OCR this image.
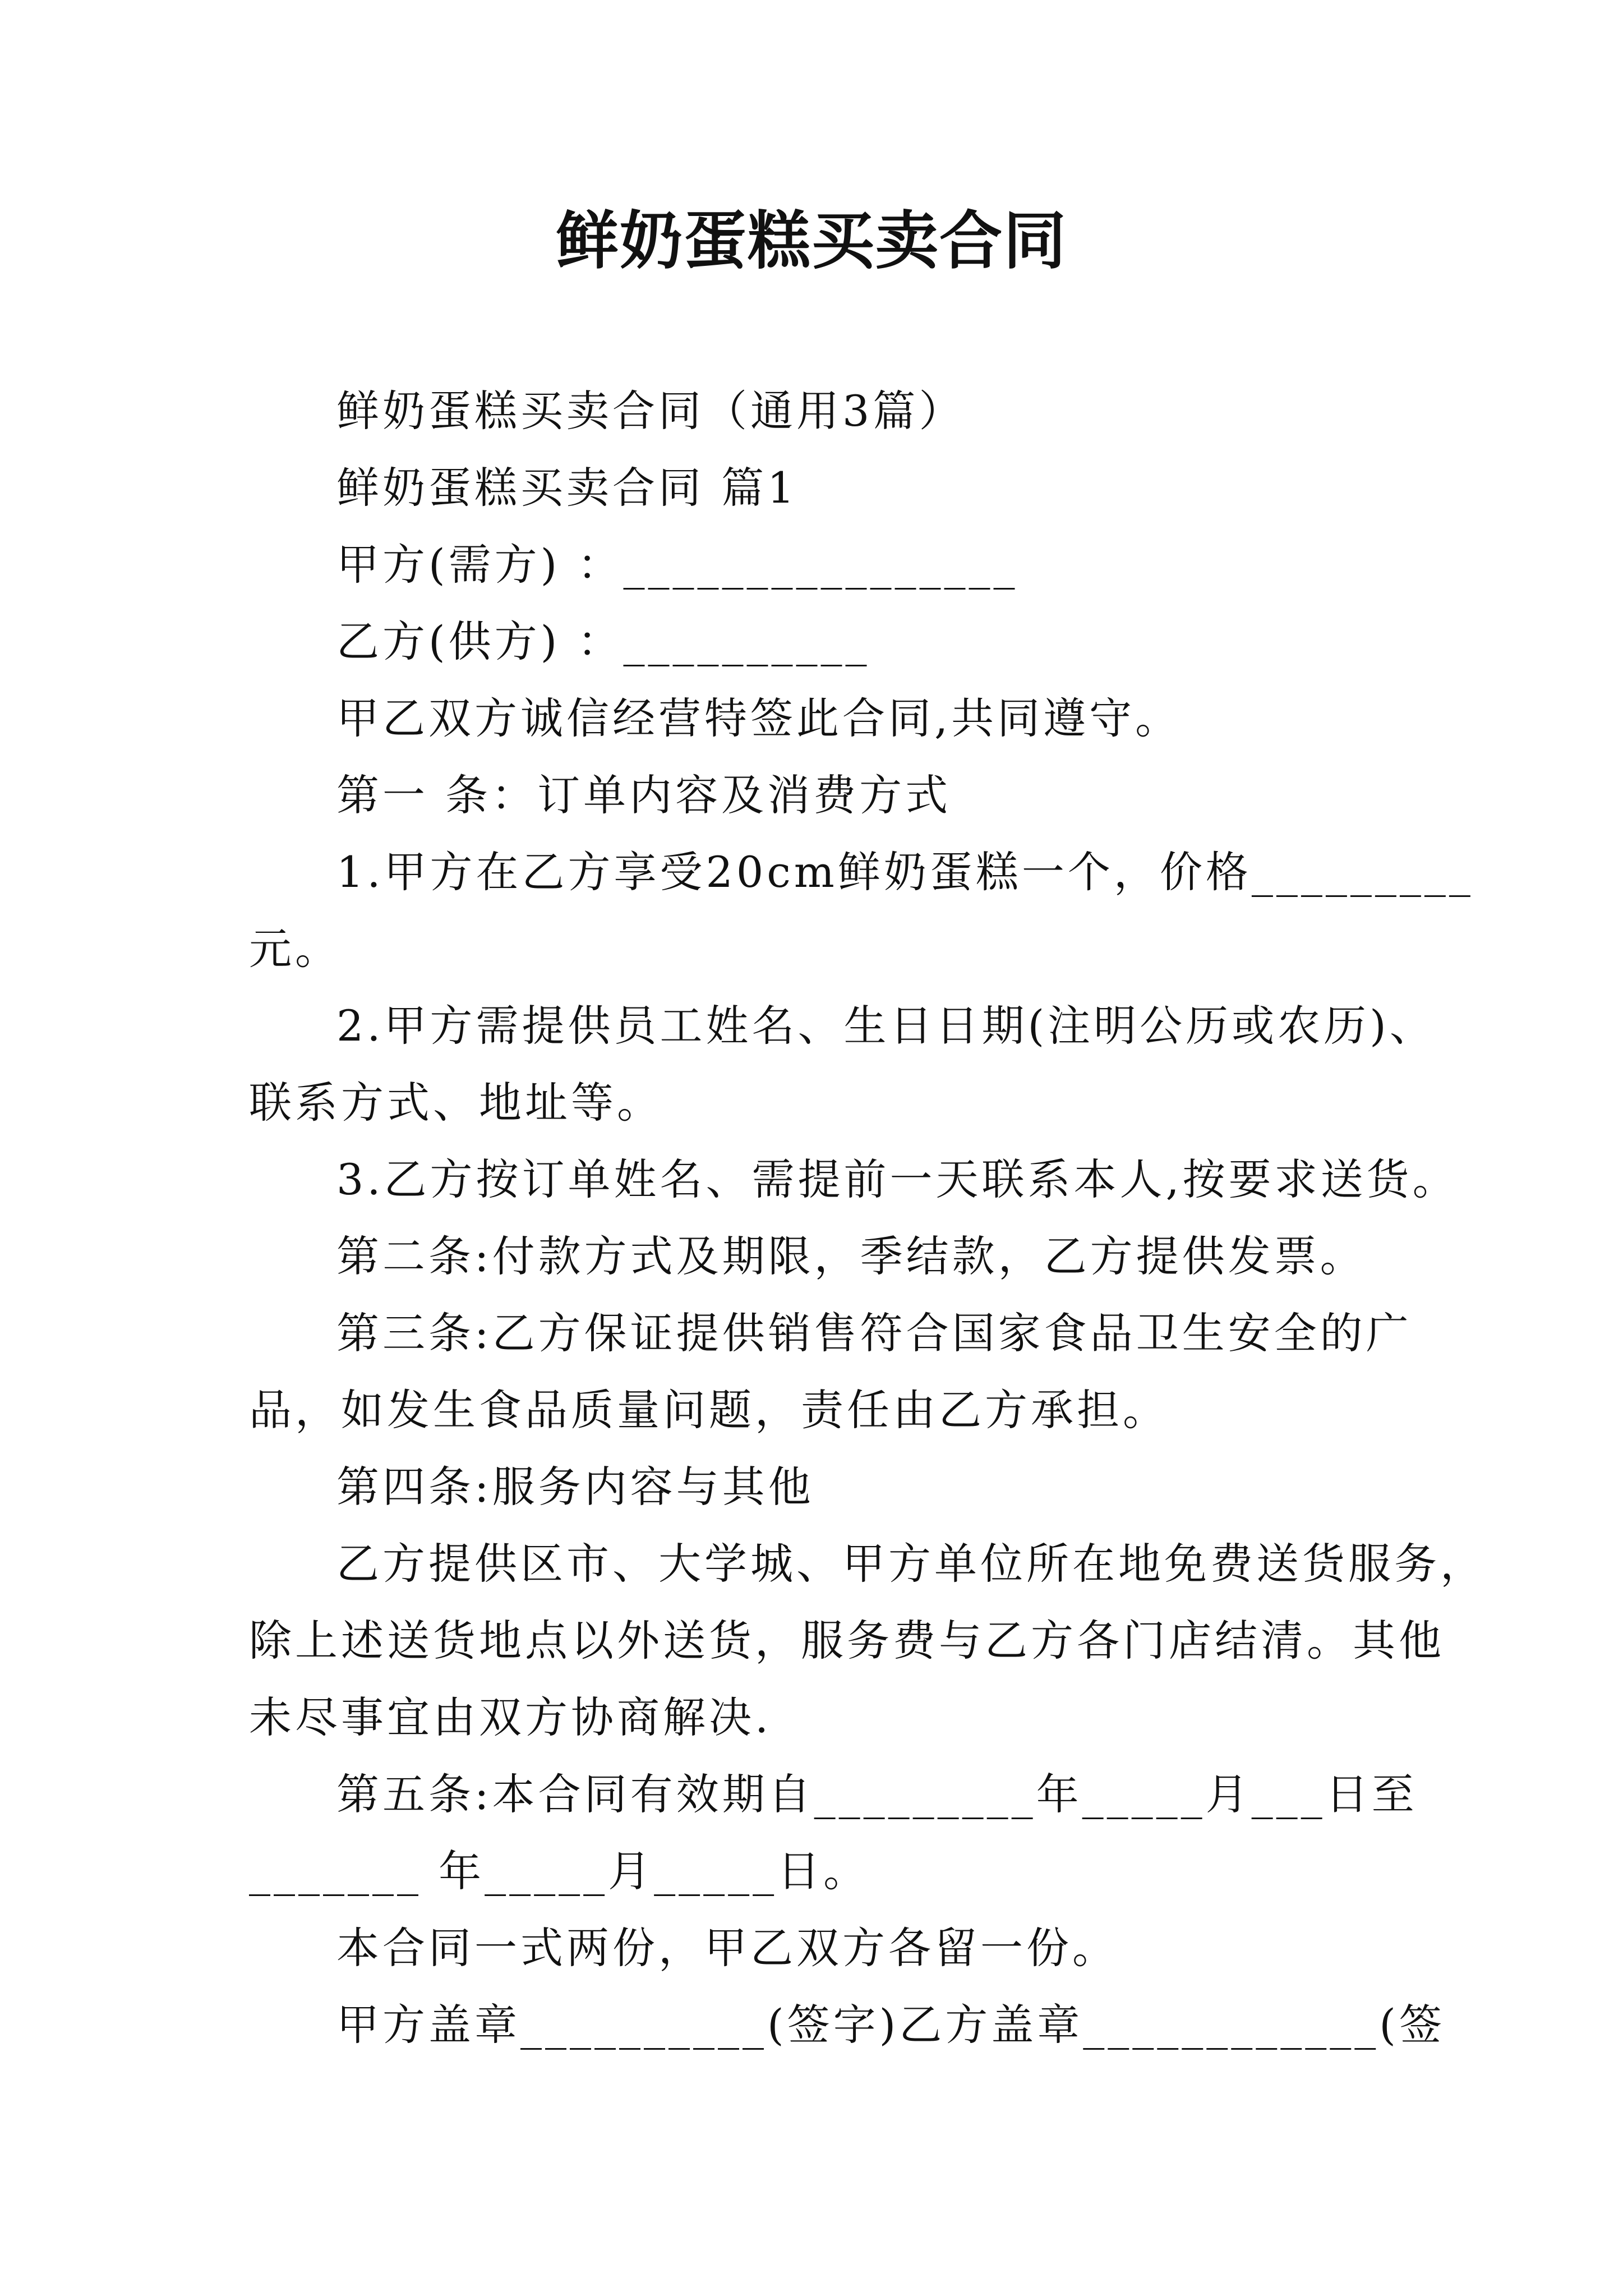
鲜奶蛋糕买卖合同
鲜奶蛋糕买卖合同（通用3篇）
鲜奶蛋糕买卖合同 篇1
甲方(需方) ：________________
乙方(供方) ：__________
甲乙双方诚信经营特签此合同,共同遵守。
第一 条：订单内容及消费方式
1.甲方在乙方享受20cm鲜奶蛋糕一个，价格_________
元。
2.甲方需提供员工姓名、生日日期(注明公历或农历)、
联系方式、地址等。
3.乙方按订单姓名、需提前一天联系本人,按要求送货。
第二条:付款方式及期限，季结款，乙方提供发票。
第三条:乙方保证提供销售符合国家食品卫生安全的广
品，如发生食品质量问题，责任由乙方承担。
第四条:服务内容与其他
乙方提供区市、大学城、甲方单位所在地免费送货服务，
除上述送货地点以外送货，服务费与乙方各门店结清。其他
未尽事宜由双方协商解决.
第五条:本合同有效期自_________年_____月___日至
_______ 年_____月_____日。
本合同一式两份，甲乙双方各留一份。
甲方盖章__________(签字)乙方盖章____________(签
